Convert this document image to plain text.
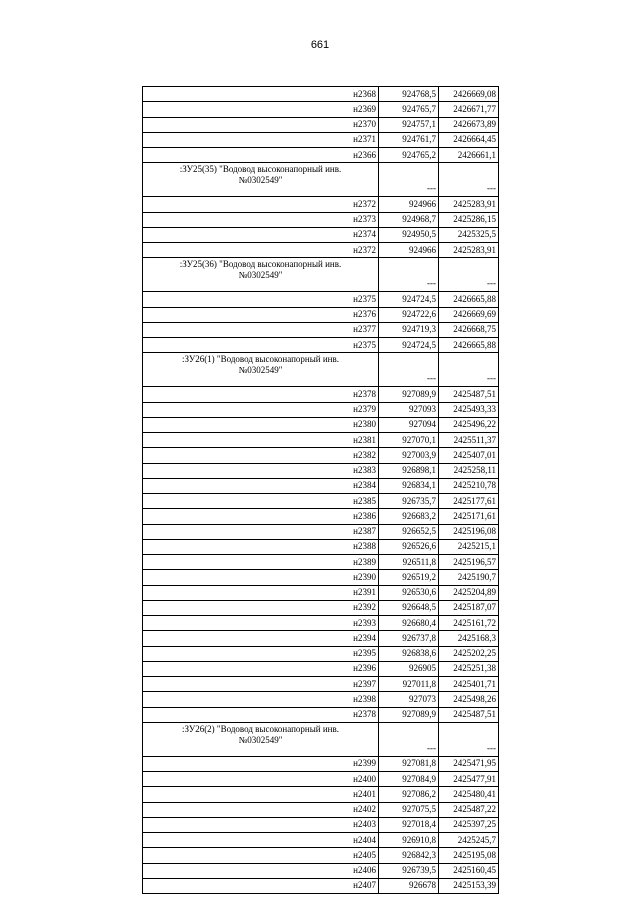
661
н2368	924768,5	2426669,08
н2369	924765,7	2426671,77
н2370	924757,1	2426673,89
н2371	924761,7	2426664,45
н2366	924765,2	2426661,1
:ЗУ25(35) "Водовод высоконапорный инв.
№0302549"	---	---
н2372	924966	2425283,91
н2373	924968,7	2425286,15
н2374	924950,5	2425325,5
н2372	924966	2425283,91
:ЗУ25(36) "Водовод высоконапорный инв.
№0302549"	---	---
н2375	924724,5	2426665,88
н2376	924722,6	2426669,69
н2377	924719,3	2426668,75
н2375	924724,5	2426665,88
:ЗУ26(1) "Водовод высоконапорный инв.
№0302549"	---	---
н2378	927089,9	2425487,51
н2379	927093	2425493,33
н2380	927094	2425496,22
н2381	927070,1	2425511,37
н2382	927003,9	2425407,01
н2383	926898,1	2425258,11
н2384	926834,1	2425210,78
н2385	926735,7	2425177,61
н2386	926683,2	2425171,61
н2387	926652,5	2425196,08
н2388	926526,6	2425215,1
н2389	926511,8	2425196,57
н2390	926519,2	2425190,7
н2391	926530,6	2425204,89
н2392	926648,5	2425187,07
н2393	926680,4	2425161,72
н2394	926737,8	2425168,3
н2395	926838,6	2425202,25
н2396	926905	2425251,38
н2397	927011,8	2425401,71
н2398	927073	2425498,26
н2378	927089,9	2425487,51
:ЗУ26(2) "Водовод высоконапорный инв.
№0302549"	---	---
н2399	927081,8	2425471,95
н2400	927084,9	2425477,91
н2401	927086,2	2425480,41
н2402	927075,5	2425487,22
н2403	927018,4	2425397,25
н2404	926910,8	2425245,7
н2405	926842,3	2425195,08
н2406	926739,5	2425160,45
н2407	926678	2425153,39
